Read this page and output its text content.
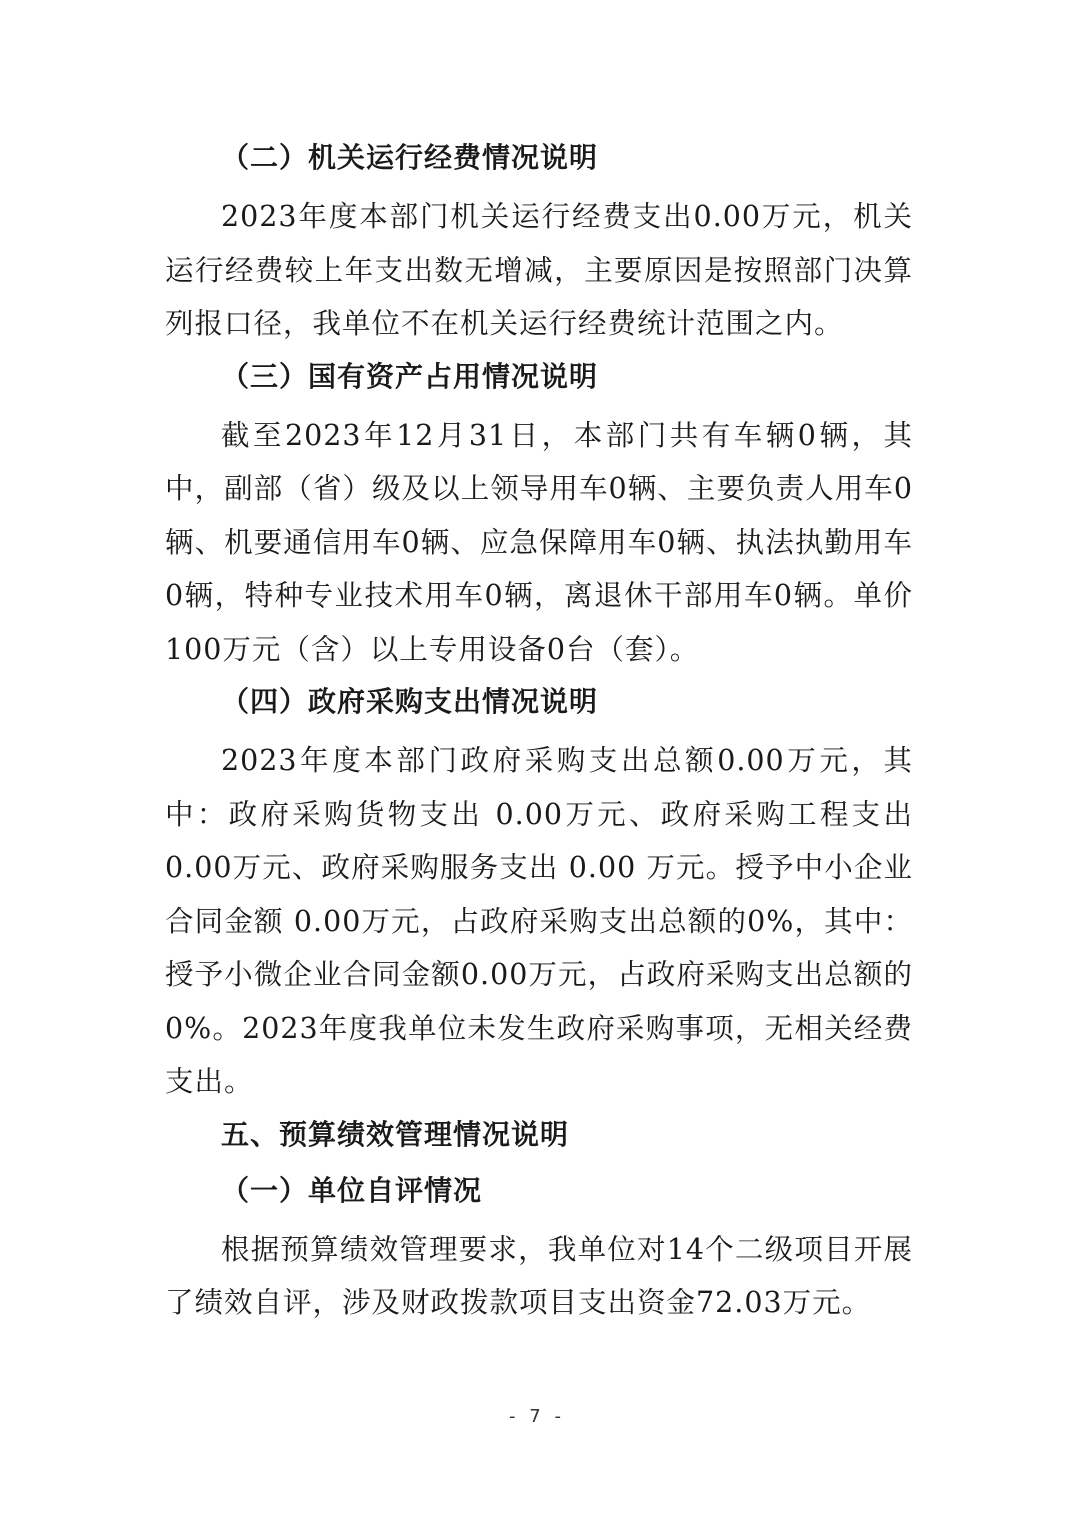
（二）机关运行经费情况说明

2023年度本部门机关运行经费支出0.00万元，机关运行经费较上年支出数无增减，主要原因是按照部门决算列报口径，我单位不在机关运行经费统计范围之内。

（三）国有资产占用情况说明

截至2023年12月31日，本部门共有车辆0辆，其中，副部（省）级及以上领导用车0辆、主要负责人用车0辆、机要通信用车0辆、应急保障用车0辆、执法执勤用车0辆，特种专业技术用车0辆，离退休干部用车0辆。单价100万元（含）以上专用设备0台（套）。

（四）政府采购支出情况说明

2023年度本部门政府采购支出总额0.00万元，其中：政府采购货物支出 0.00万元、政府采购工程支出 0.00万元、政府采购服务支出 0.00 万元。授予中小企业合同金额 0.00万元，占政府采购支出总额的0%，其中：授予小微企业合同金额0.00万元，占政府采购支出总额的0%。2023年度我单位未发生政府采购事项，无相关经费支出。

五、预算绩效管理情况说明
（一）单位自评情况

根据预算绩效管理要求，我单位对14个二级项目开展了绩效自评，涉及财政拨款项目支出资金72.03万元。

- 7 -
